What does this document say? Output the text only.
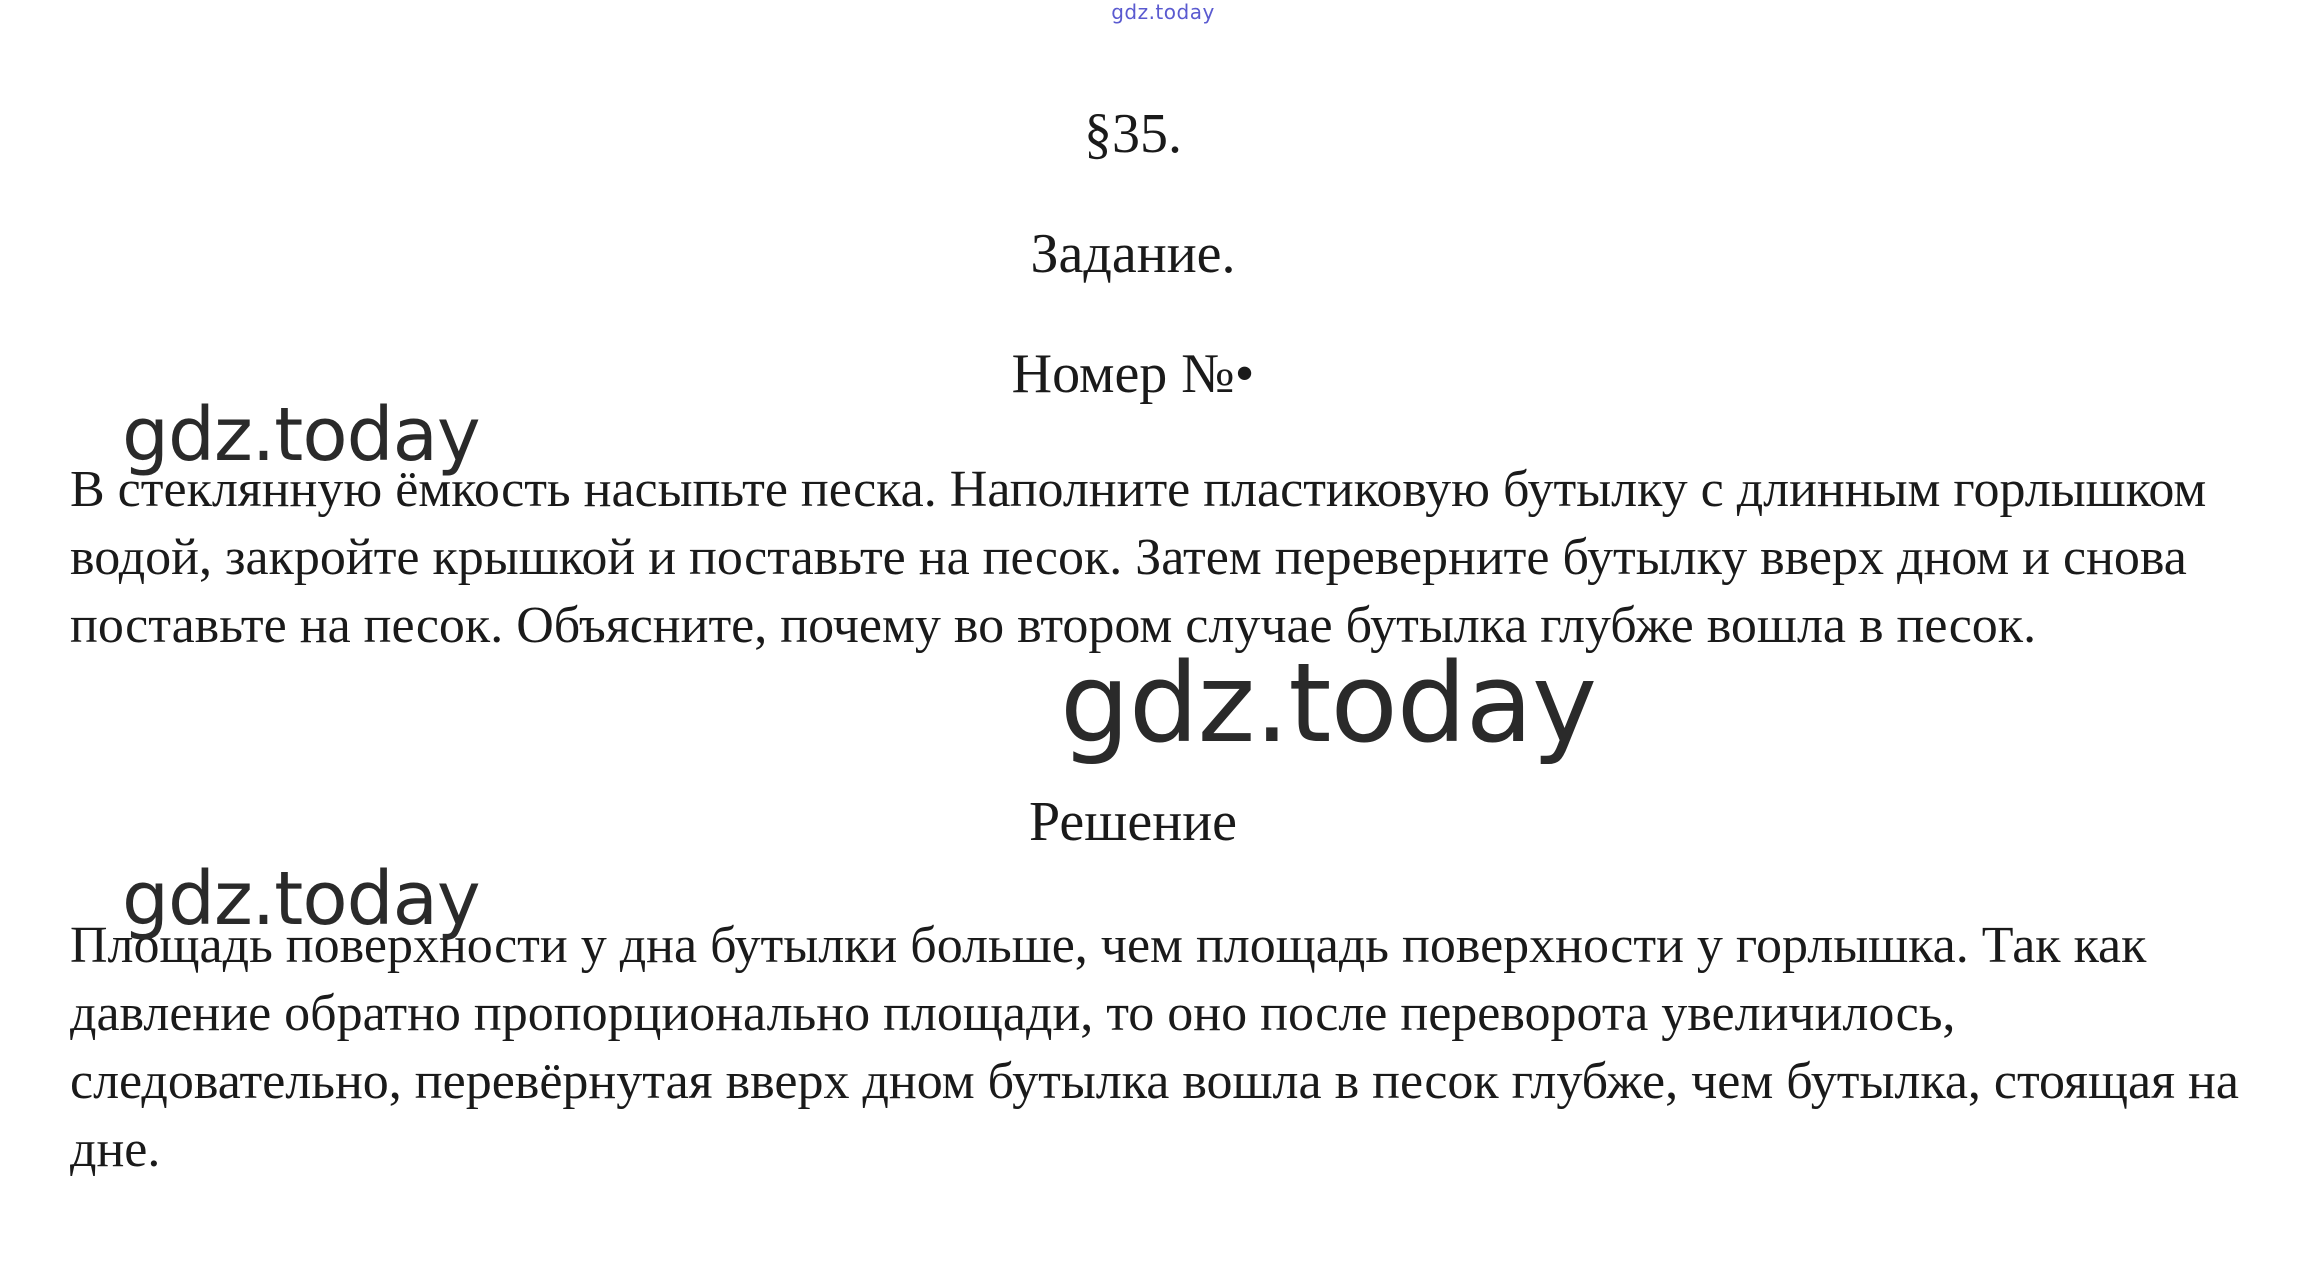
gdz.today
§35.
Задание.
Номер №•

В стеклянную ёмкость насыпьте песка. Наполните пластиковую бутылку с длинным горлышком водой, закройте крышкой и поставьте на песок. Затем переверните бутылку вверх дном и снова поставьте на песок. Объясните, почему во втором случае бутылка глубже вошла в песок.

Решение

Площадь поверхности у дна бутылки больше, чем площадь поверхности у горлышка. Так как давление обратно пропорционально площади, то оно после переворота увеличилось, следовательно, перевёрнутая вверх дном бутылка вошла в песок глубже, чем бутылка, стоящая на дне.

gdz.today
gdz.today
gdz.today
